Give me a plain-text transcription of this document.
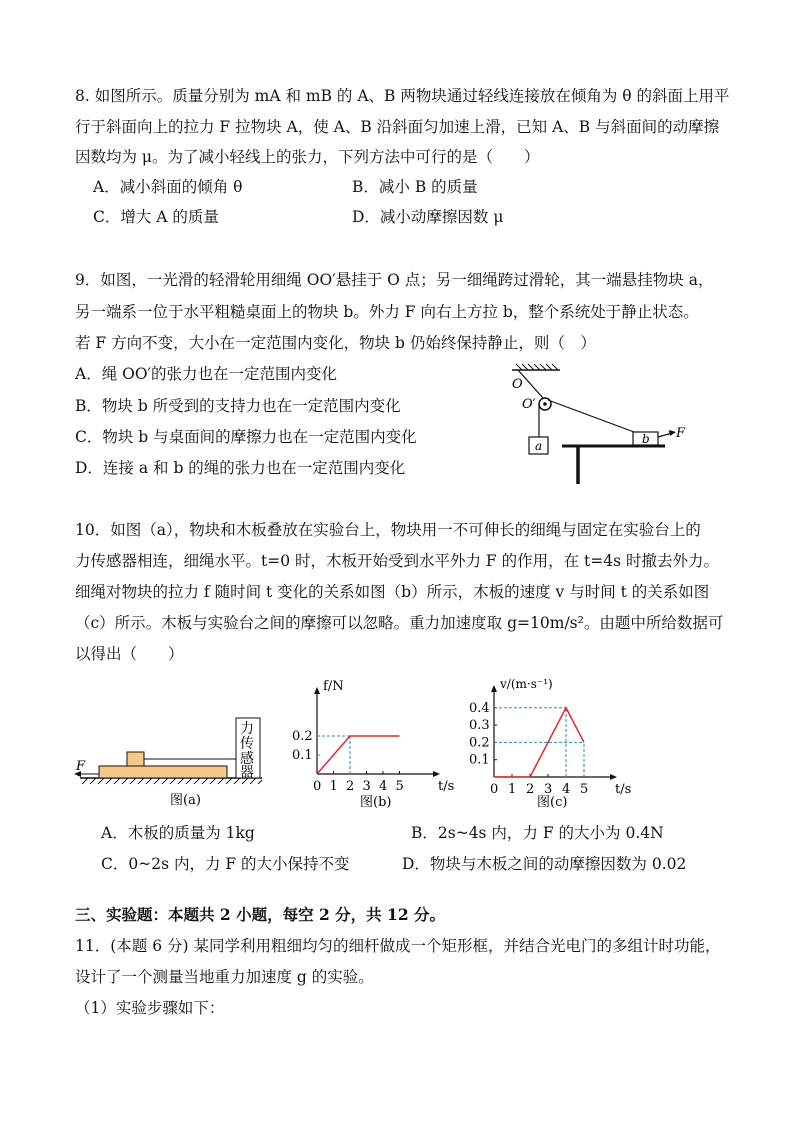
8. 如图所示。质量分别为 mA 和 mB 的 A、B 两物块通过轻线连接放在倾角为 θ 的斜面上用平
行于斜面向上的拉力 F 拉物块 A，使 A、B 沿斜面匀加速上滑，已知 A、B 与斜面间的动摩擦
因数均为 μ。为了减小轻线上的张力，下列方法中可行的是（　　）
A．减小斜面的倾角 θ	B．减小 B 的质量
C．增大 A 的质量	D．减小动摩擦因数 μ
9．如图，一光滑的轻滑轮用细绳 OO′悬挂于 O 点；另一细绳跨过滑轮，其一端悬挂物块 a，
另一端系一位于水平粗糙桌面上的物块 b。外力 F 向右上方拉 b，整个系统处于静止状态。
若 F 方向不变，大小在一定范围内变化，物块 b 仍始终保持静止，则（　）
A．绳 OO′的张力也在一定范围内变化
B．物块 b 所受到的支持力也在一定范围内变化
C．物块 b 与桌面间的摩擦力也在一定范围内变化
D．连接 a 和 b 的绳的张力也在一定范围内变化
O
O′
a	b F
10．如图（a），物块和木板叠放在实验台上，物块用一不可伸长的细绳与固定在实验台上的
力传感器相连，细绳水平。t=0 时，木板开始受到水平外力 F 的作用，在 t=4s 时撤去外力。
细绳对物块的拉力 f 随时间 t 变化的关系如图（b）所示，木板的速度 v 与时间 t 的关系如图
（c）所示。木板与实验台之间的摩擦可以忽略。重力加速度取 g=10m/s²。由题中所给数据可
以得出（　　）
力
传
感
器
F
图(a)
0 1 2 3 4 5
0.1
0.2
f/N
t/s
图(b)
0 1 2 3 4 5
0.1
0.2
0.3
0.4
v/(m·s⁻¹)
t/s
图(c)
A．木板的质量为 1kg	B．2s~4s 内，力 F 的大小为 0.4N
C．0~2s 内，力 F 的大小保持不变	D．物块与木板之间的动摩擦因数为 0.02
三、实验题：本题共 2 小题，每空 2 分，共 12 分。
11．(本题 6 分) 某同学利用粗细均匀的细杆做成一个矩形框，并结合光电门的多组计时功能，
设计了一个测量当地重力加速度 g 的实验。
（1）实验步骤如下：
